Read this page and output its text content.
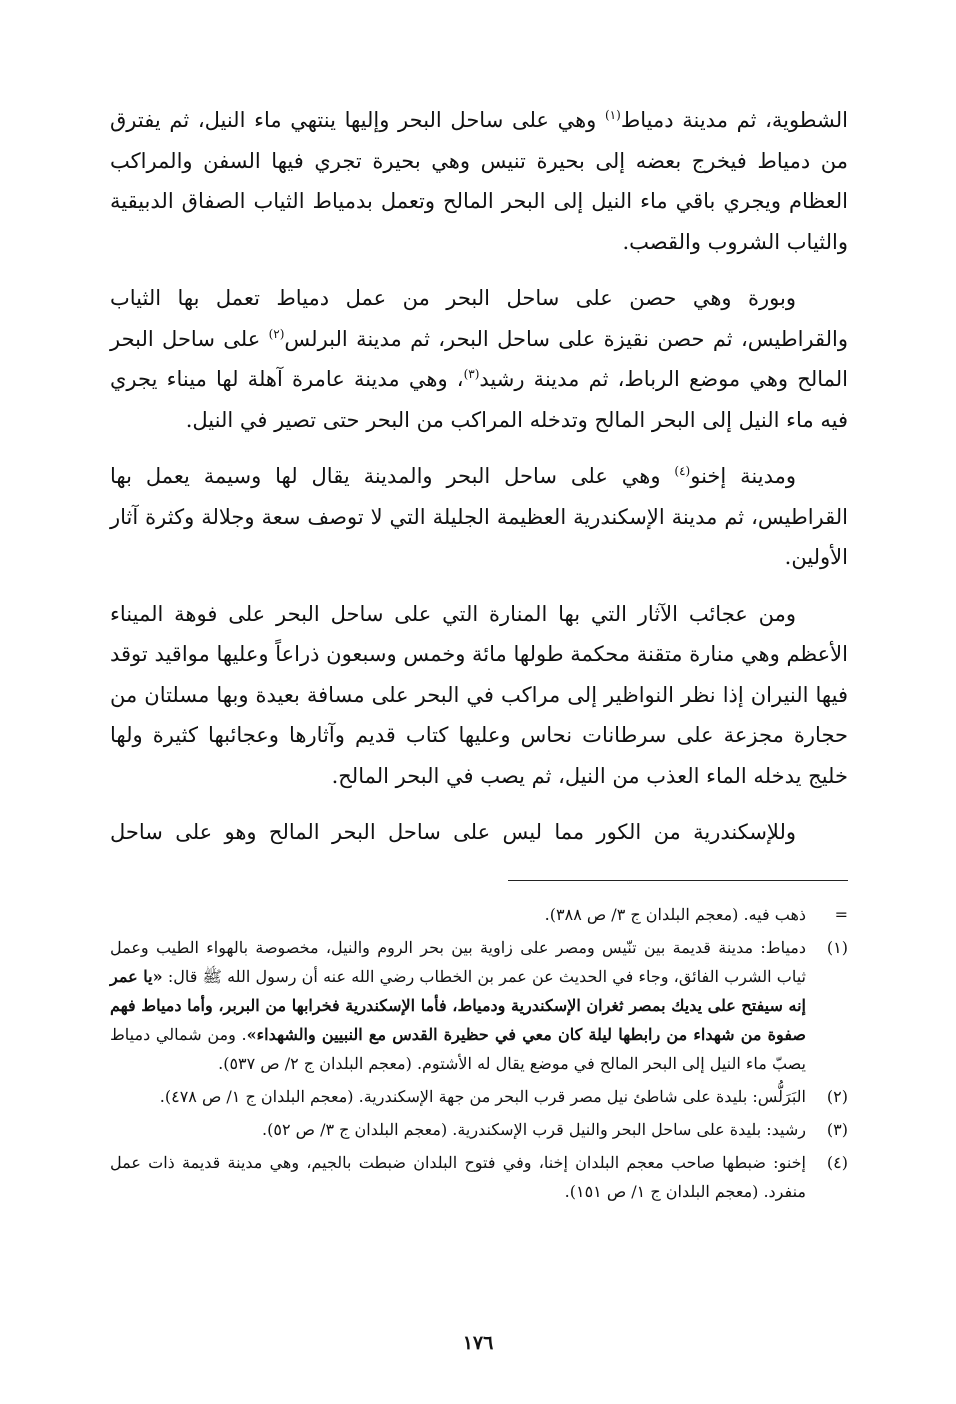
الشطوية، ثم مدينة دمياط$^{(١)}$ وهي على ساحل البحر وإليها ينتهي ماء النيل، ثم يفترق من دمياط فيخرج بعضه إلى بحيرة تنيس وهي بحيرة تجري فيها السفن والمراكب العظام ويجري باقي ماء النيل إلى البحر المالح وتعمل بدمياط الثياب الصفاق الدبيقية والثياب الشروب والقصب.

وبورة وهي حصن على ساحل البحر من عمل دمياط تعمل بها الثياب والقراطيس، ثم حصن نقيزة على ساحل البحر، ثم مدينة البرلس$^{(٢)}$ على ساحل البحر المالح وهي موضع الرباط، ثم مدينة رشيد$^{(٣)}$، وهي مدينة عامرة آهلة لها ميناء يجري فيه ماء النيل إلى البحر المالح وتدخله المراكب من البحر حتى تصير في النيل.

ومدينة إخنو$^{(٤)}$ وهي على ساحل البحر والمدينة يقال لها وسيمة يعمل بها القراطيس، ثم مدينة الإسكندرية العظيمة الجليلة التي لا توصف سعة وجلالة وكثرة آثار الأولين.

ومن عجائب الآثار التي بها المنارة التي على ساحل البحر على فوهة الميناء الأعظم وهي منارة متقنة محكمة طولها مائة وخمس وسبعون ذراعاً وعليها مواقيد توقد فيها النيران إذا نظر النواظير إلى مراكب في البحر على مسافة بعيدة وبها مسلتان من حجارة مجزعة على سرطانات نحاس وعليها كتاب قديم وآثارها وعجائبها كثيرة ولها خليج يدخله الماء العذب من النيل، ثم يصب في البحر المالح.

وللإسكندرية من الكور مما ليس على ساحل البحر المالح وهو على ساحل

=
ذهب فيه. (معجم البلدان ج ٣/ ص ٣٨٨).
(١)
دمياط: مدينة قديمة بين تنّيس ومصر على زاوية بين بحر الروم والنيل، مخصوصة بالهواء الطيب وعمل ثياب الشرب الفائق، وجاء في الحديث عن عمر بن الخطاب رضي الله عنه أن رسول الله ﷺ قال: «يا عمر إنه سيفتح على يديك بمصر ثغران الإسكندرية ودمياط، فأما الإسكندرية فخرابها من البربر، وأما دمياط فهم صفوة من شهداء من رابطها ليلة كان معي في حظيرة القدس مع النبيين والشهداء». ومن شمالي دمياط يصبّ ماء النيل إلى البحر المالح في موضع يقال له الأشتوم. (معجم البلدان ج ٢/ ص ٥٣٧).
(٢)
البَرَلُّس: بليدة على شاطئ نيل مصر قرب البحر من جهة الإسكندرية. (معجم البلدان ج ١/ ص ٤٧٨).
(٣)
رشيد: بليدة على ساحل البحر والنيل قرب الإسكندرية. (معجم البلدان ج ٣/ ص ٥٢).
(٤)
إخنو: ضبطها صاحب معجم البلدان إخنا، وفي فتوح البلدان ضبطت بالجيم، وهي مدينة قديمة ذات عمل منفرد. (معجم البلدان ج ١/ ص ١٥١).
١٧٦
